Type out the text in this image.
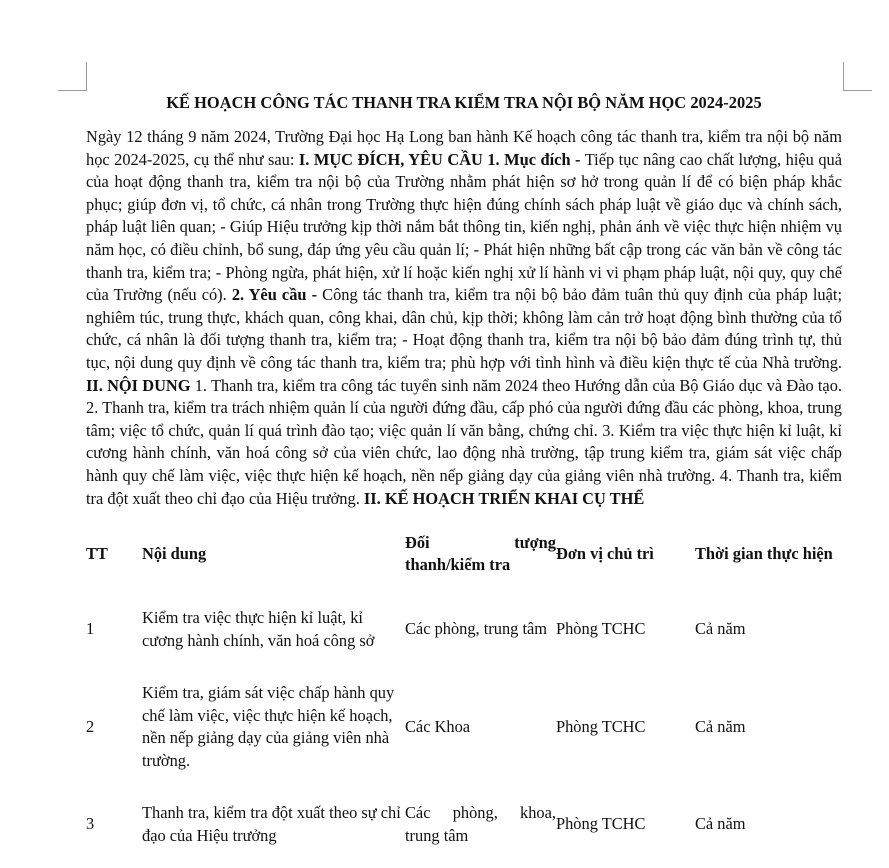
KẾ HOẠCH CÔNG TÁC THANH TRA KIỂM TRA NỘI BỘ NĂM HỌC 2024-2025

Ngày 12 tháng 9 năm 2024, Trường Đại học Hạ Long ban hành Kế hoạch công tác thanh tra, kiểm tra nội bộ năm học 2024-2025, cụ thể như sau: I. MỤC ĐÍCH, YÊU CẦU 1. Mục đích - Tiếp tục nâng cao chất lượng, hiệu quả của hoạt động thanh tra, kiểm tra nội bộ của Trường nhằm phát hiện sơ hở trong quản lí để có biện pháp khắc phục; giúp đơn vị, tổ chức, cá nhân trong Trường thực hiện đúng chính sách pháp luật về giáo dục và chính sách, pháp luật liên quan; - Giúp Hiệu trưởng kịp thời nắm bắt thông tin, kiến nghị, phản ánh về việc thực hiện nhiệm vụ năm học, có điều chỉnh, bổ sung, đáp ứng yêu cầu quản lí; - Phát hiện những bất cập trong các văn bản về công tác thanh tra, kiểm tra; - Phòng ngừa, phát hiện, xử lí hoặc kiến nghị xử lí hành vi vi phạm pháp luật, nội quy, quy chế của Trường (nếu có). 2. Yêu cầu - Công tác thanh tra, kiểm tra nội bộ bảo đảm tuân thủ quy định của pháp luật; nghiêm túc, trung thực, khách quan, công khai, dân chủ, kịp thời; không làm cản trở hoạt động bình thường của tổ chức, cá nhân là đối tượng thanh tra, kiểm tra; - Hoạt động thanh tra, kiểm tra nội bộ bảo đảm đúng trình tự, thủ tục, nội dung quy định về công tác thanh tra, kiểm tra; phù hợp với tình hình và điều kiện thực tế của Nhà trường. II. NỘI DUNG 1. Thanh tra, kiểm tra công tác tuyển sinh năm 2024 theo Hướng dẫn của Bộ Giáo dục và Đào tạo. 2. Thanh tra, kiểm tra trách nhiệm quản lí của người đứng đầu, cấp phó của người đứng đầu các phòng, khoa, trung tâm; việc tổ chức, quản lí quá trình đào tạo; việc quản lí văn bằng, chứng chỉ. 3. Kiểm tra việc thực hiện kỉ luật, kỉ cương hành chính, văn hoá công sở của viên chức, lao động nhà trường, tập trung kiểm tra, giám sát việc chấp hành quy chế làm việc, việc thực hiện kế hoạch, nền nếp giảng dạy của giảng viên nhà trường. 4. Thanh tra, kiểm tra đột xuất theo chỉ đạo của Hiệu trưởng. II. KẾ HOẠCH TRIỂN KHAI CỤ THỂ

TT	Nội dung	Đối tượng thanh/kiểm tra	Đơn vị chủ trì	Thời gian thực hiện
1	Kiểm tra việc thực hiện kỉ luật, kỉ cương hành chính, văn hoá công sở	Các phòng, trung tâm	Phòng TCHC	Cả năm
2	Kiểm tra, giám sát việc chấp hành quy chế làm việc, việc thực hiện kế hoạch, nền nếp giảng dạy của giảng viên nhà trường.	Các Khoa	Phòng TCHC	Cả năm
3	Thanh tra, kiểm tra đột xuất theo sự chỉ đạo của Hiệu trưởng	Các phòng, khoa, trung tâm	Phòng TCHC	Cả năm
